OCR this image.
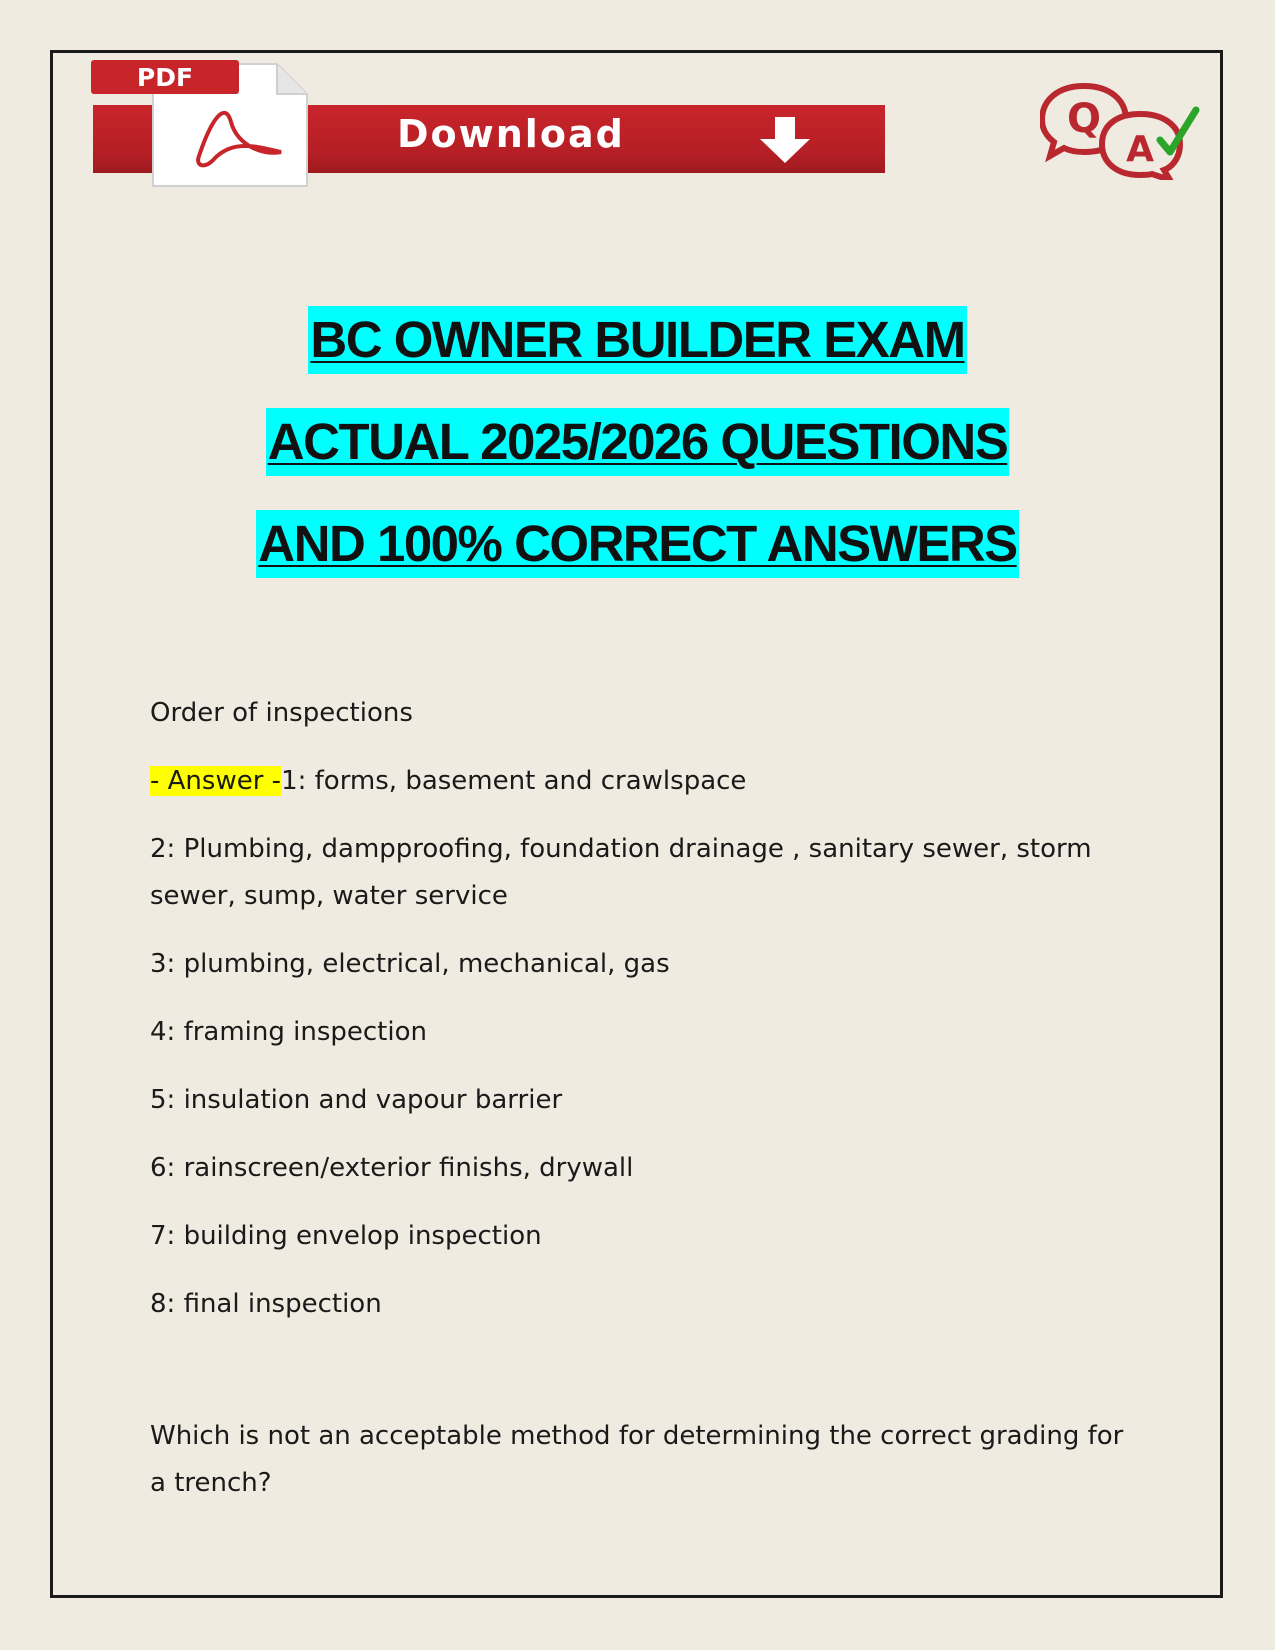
PDF
Download	Q
A
BC OWNER BUILDER EXAM
ACTUAL 2025/2026 QUESTIONS
AND 100% CORRECT ANSWERS

Order of inspections

- Answer -1: forms, basement and crawlspace

2: Plumbing, dampproofing, foundation drainage , sanitary sewer, storm sewer, sump, water service

3: plumbing, electrical, mechanical, gas

4: framing inspection

5: insulation and vapour barrier

6: rainscreen/exterior finishs, drywall

7: building envelop inspection

8: final inspection

Which is not an acceptable method for determining the correct grading for a trench?
